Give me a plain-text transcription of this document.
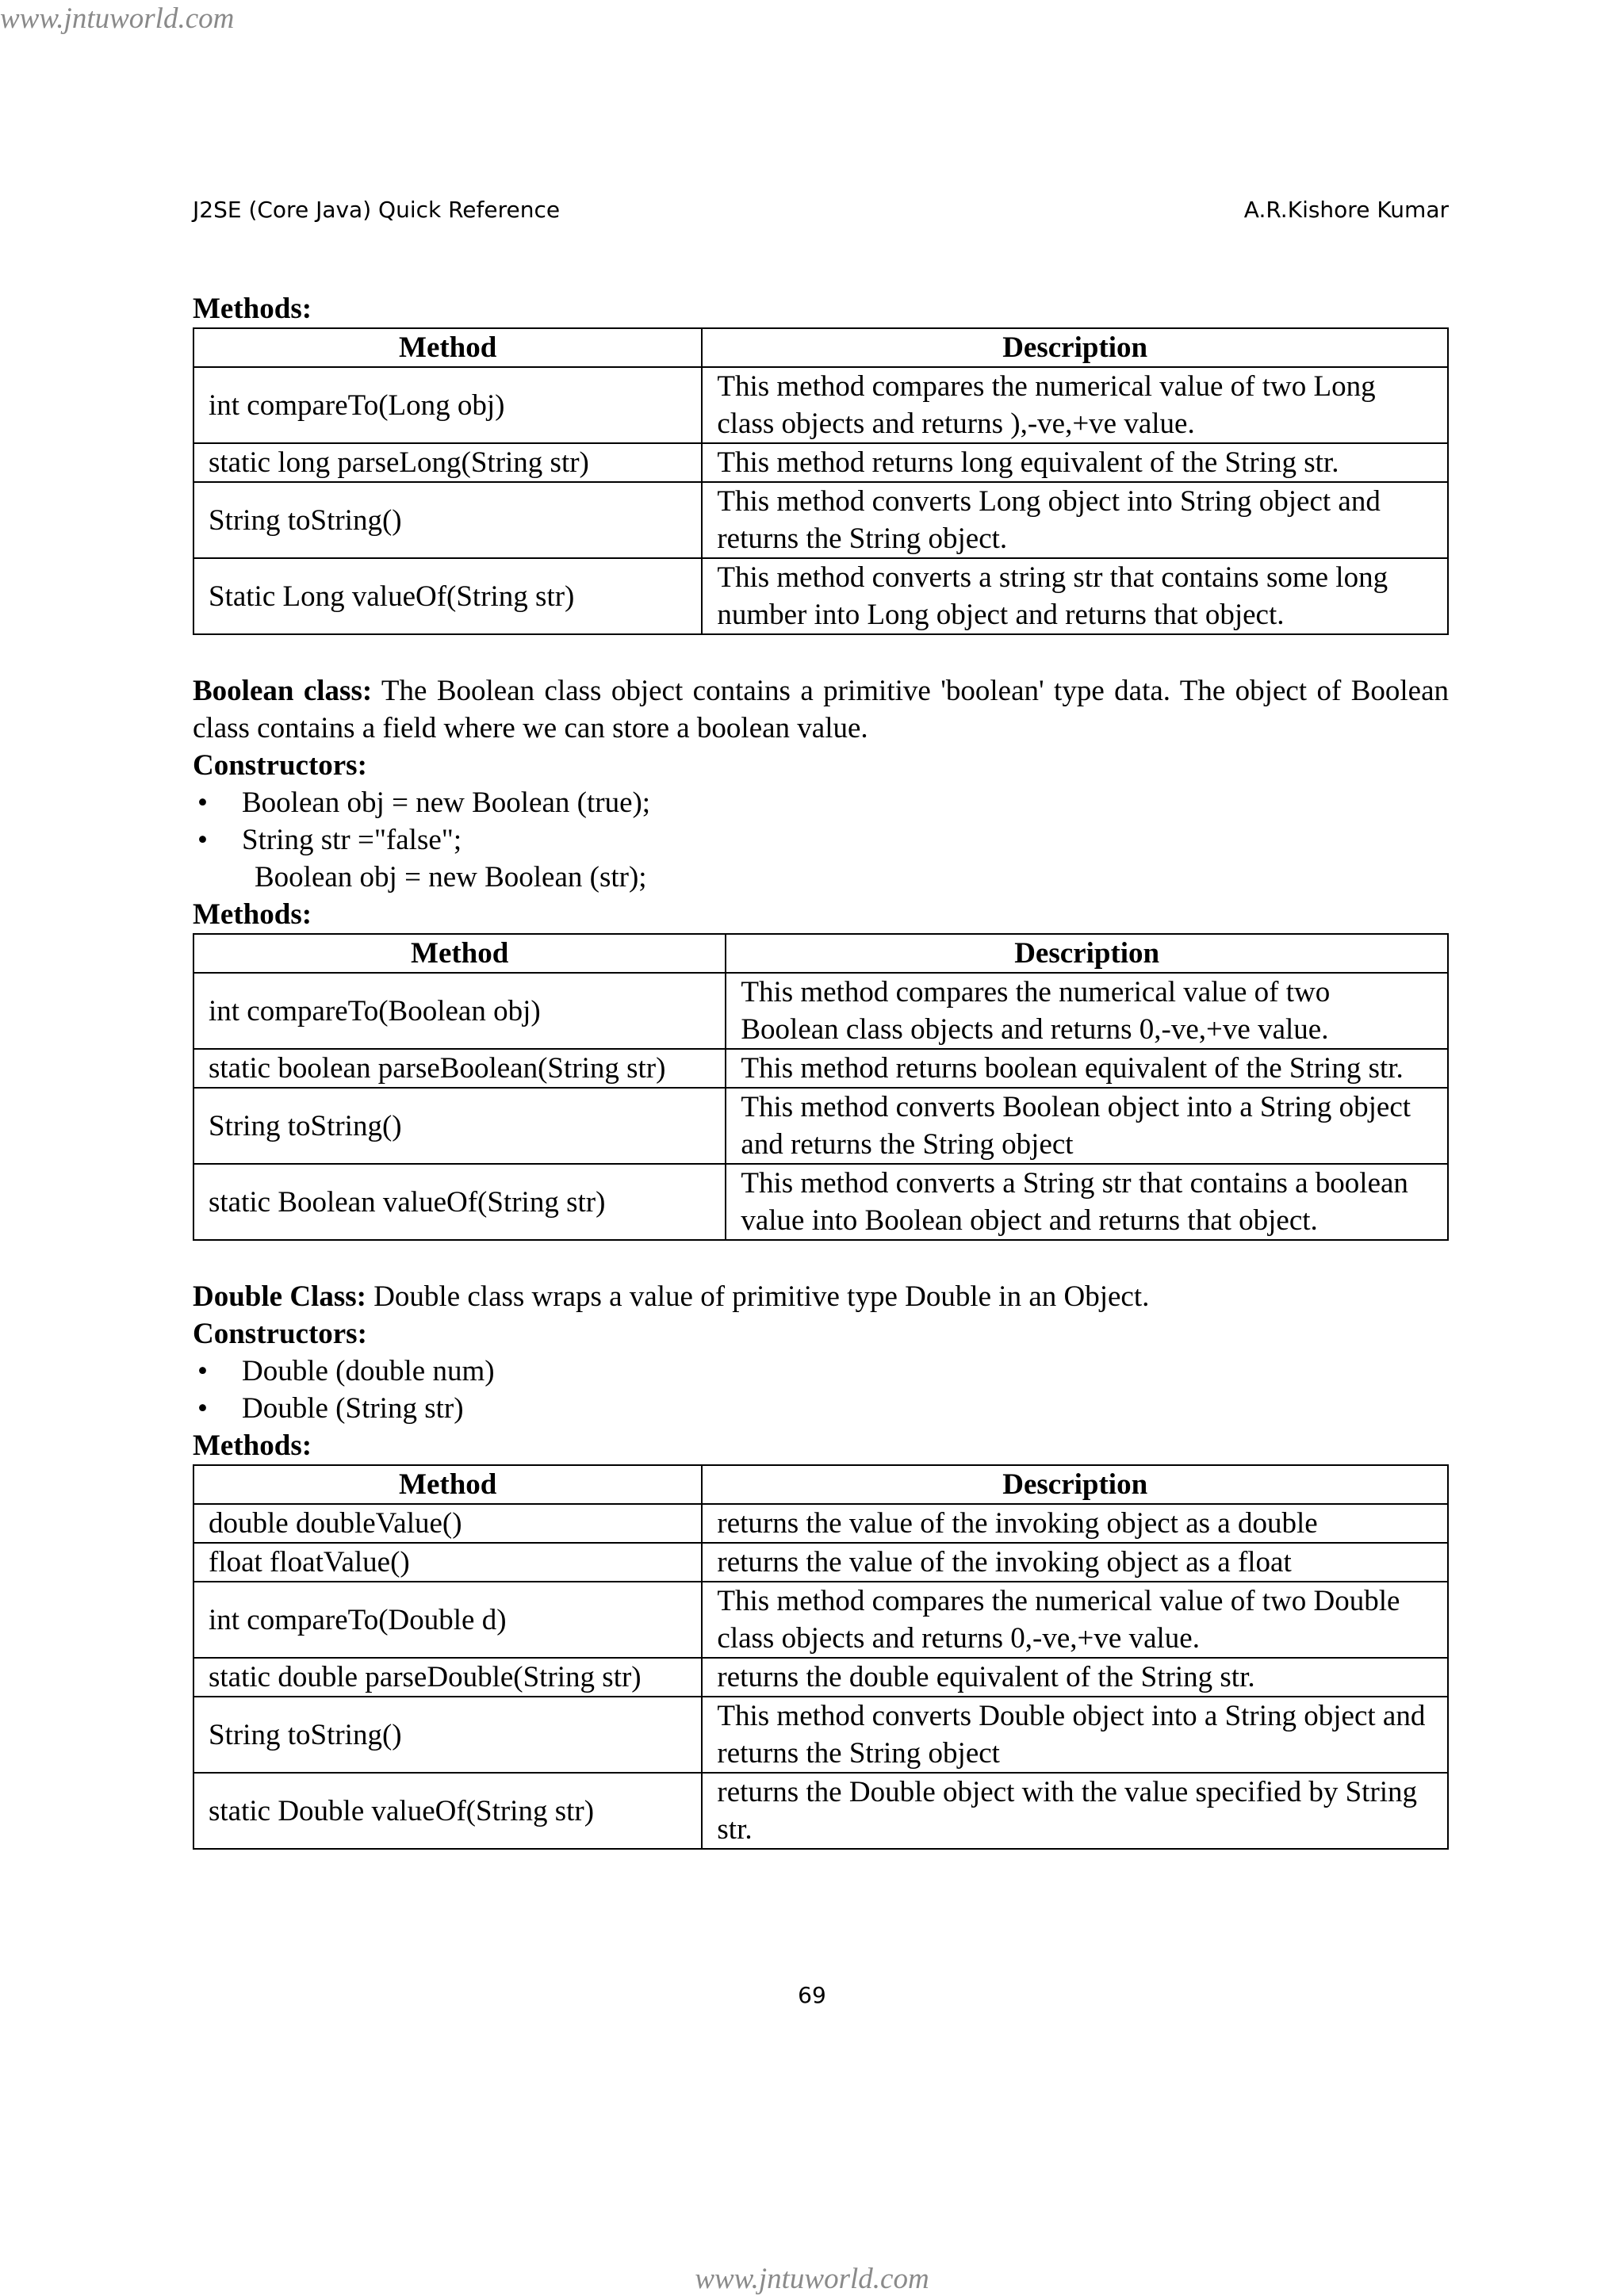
www.jntuworld.com
J2SE (Core Java) Quick Reference	A.R.Kishore Kumar
Methods:
Method	Description
int compareTo(Long obj)	This method compares the numerical value of two Long class objects and returns ),-ve,+ve value.
static long parseLong(String str)	This method returns long equivalent of the String str.
String toString()	This method converts Long object into String object and returns the String object.
Static Long valueOf(String str)	This method converts a string str that contains some long number into Long object and returns that object.
Boolean class: The Boolean class object contains a primitive 'boolean' type data. The object of Boolean class contains a field where we can store a boolean value.
Constructors:
• Boolean obj = new Boolean (true);
• String str ="false";
Boolean obj = new Boolean (str);
Methods:
Method	Description
int compareTo(Boolean obj)	This method compares the numerical value of two Boolean class objects and returns 0,-ve,+ve value.
static boolean parseBoolean(String str)	This method returns boolean equivalent of the String str.
String toString()	This method converts Boolean object into a String object and returns the String object
static Boolean valueOf(String str)	This method converts a String str that contains a boolean value into Boolean object and returns that object.
Double Class: Double class wraps a value of primitive type Double in an Object.
Constructors:
• Double (double num)
• Double (String str)
Methods:
Method	Description
double doubleValue()	returns the value of the invoking object as a double
float floatValue()	returns the value of the invoking object as a float
int compareTo(Double d)	This method compares the numerical value of two Double class objects and returns 0,-ve,+ve value.
static double parseDouble(String str)	returns the double equivalent of the String str.
String toString()	This method converts Double object into a String object and returns the String object
static Double valueOf(String str)	returns the Double object with the value specified by String str.
69
www.jntuworld.com
